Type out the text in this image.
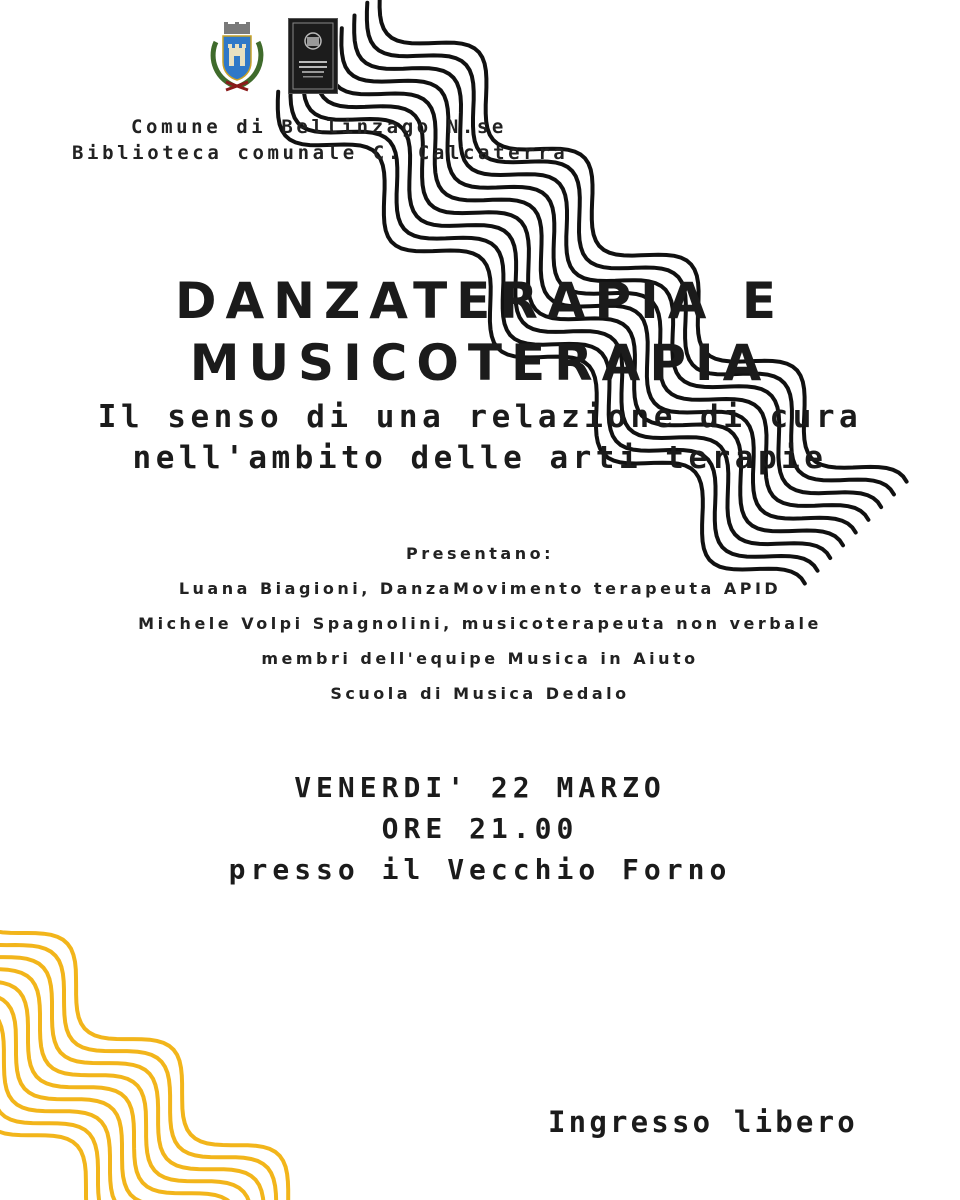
Comune di Bellinzago N.se
Biblioteca comunale C. Calcaterra
DANZATERAPIA E
MUSICOTERAPIA
Il senso di una relazione di cura
nell'ambito delle arti terapie
Presentano:
Luana Biagioni, DanzaMovimento terapeuta APID
Michele Volpi Spagnolini, musicoterapeuta non verbale
membri dell'equipe Musica in Aiuto
Scuola di Musica Dedalo
VENERDI' 22 MARZO
ORE 21.00
presso il Vecchio Forno
Ingresso libero
